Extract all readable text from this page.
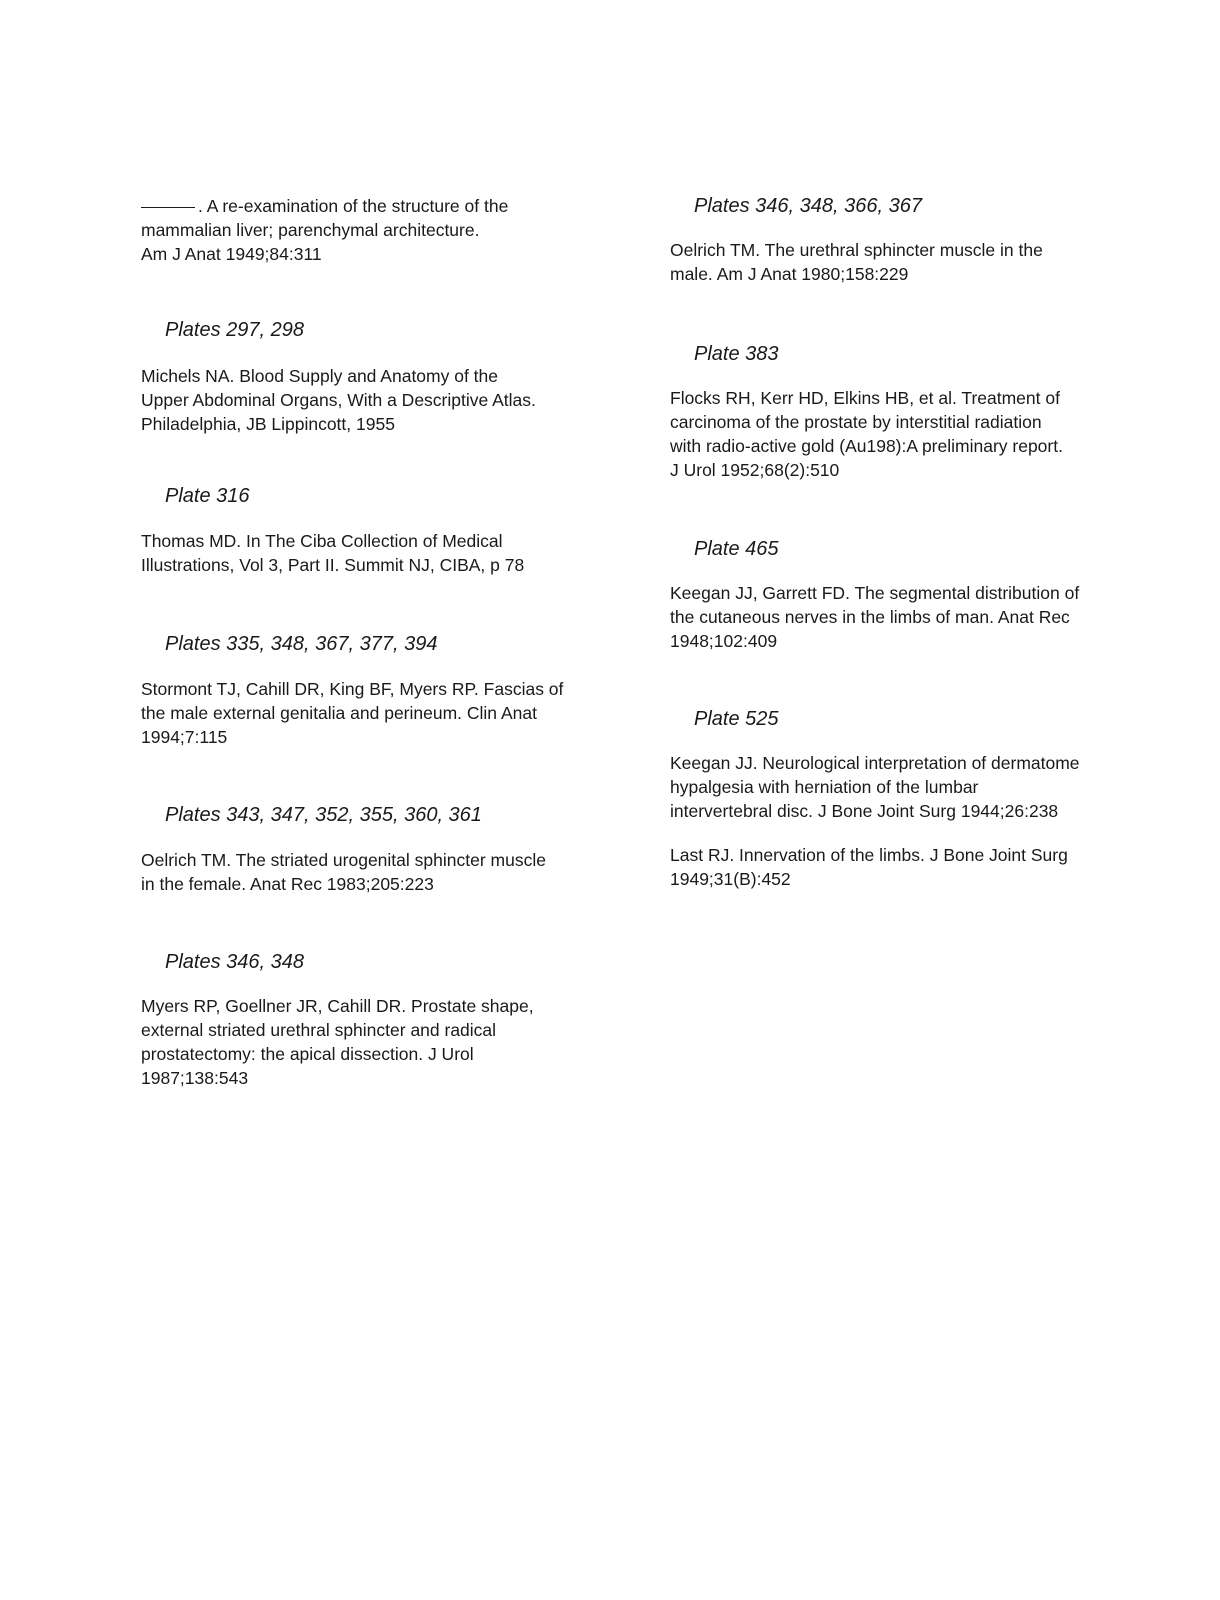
. A re-examination of the structure of the
mammalian liver; parenchymal architecture.
Am J Anat 1949;84:311
Plates 297, 298
Michels NA. Blood Supply and Anatomy of the
Upper Abdominal Organs, With a Descriptive Atlas.
Philadelphia, JB Lippincott, 1955
Plate 316
Thomas MD. In The Ciba Collection of Medical
Illustrations, Vol 3, Part II. Summit NJ, CIBA, p 78
Plates 335, 348, 367, 377, 394
Stormont TJ, Cahill DR, King BF, Myers RP. Fascias of
the male external genitalia and perineum. Clin Anat
1994;7:115
Plates 343, 347, 352, 355, 360, 361
Oelrich TM. The striated urogenital sphincter muscle
in the female. Anat Rec 1983;205:223
Plates 346, 348
Myers RP, Goellner JR, Cahill DR. Prostate shape,
external striated urethral sphincter and radical
prostatectomy: the apical dissection. J Urol
1987;138:543
Plates 346, 348, 366, 367
Oelrich TM. The urethral sphincter muscle in the
male. Am J Anat 1980;158:229
Plate 383
Flocks RH, Kerr HD, Elkins HB, et al. Treatment of
carcinoma of the prostate by interstitial radiation
with radio-active gold (Au198):A preliminary report.
J Urol 1952;68(2):510
Plate 465
Keegan JJ, Garrett FD. The segmental distribution of
the cutaneous nerves in the limbs of man. Anat Rec
1948;102:409
Plate 525
Keegan JJ. Neurological interpretation of dermatome
hypalgesia with herniation of the lumbar
intervertebral disc. J Bone Joint Surg 1944;26:238
Last RJ. Innervation of the limbs. J Bone Joint Surg
1949;31(B):452
